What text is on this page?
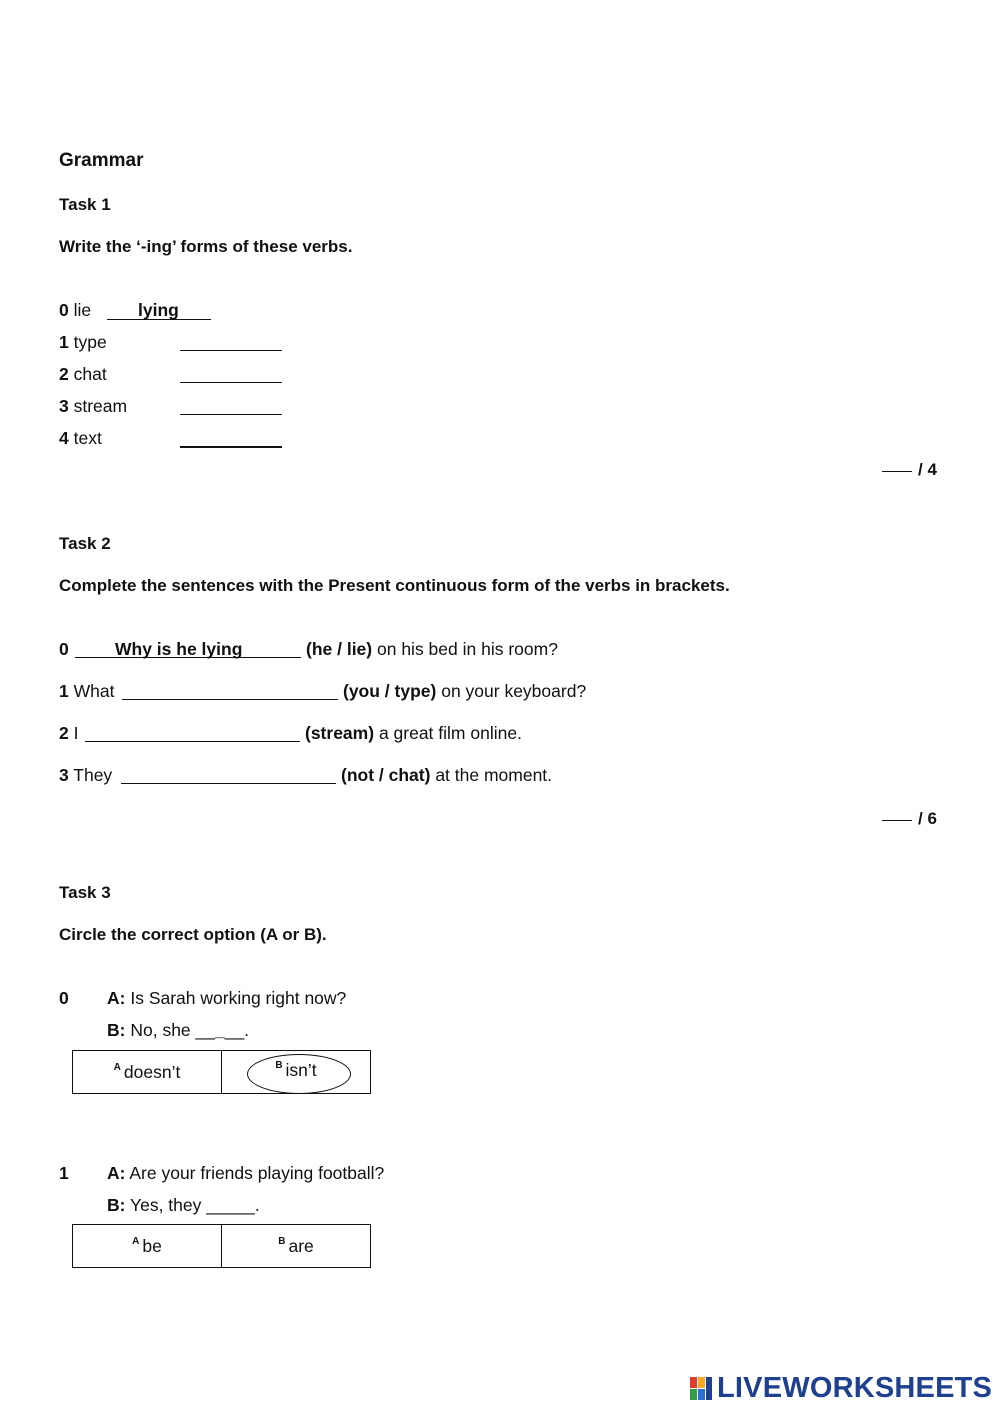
Grammar
Task 1
Write the ‘-ing’ forms of these verbs.
0 lie	lying
1 type
2 chat
3 stream
4 text
/ 4
Task 2
Complete the sentences with the Present continuous form of the verbs in brackets.
0	Why is he lying	(he / lie) on his bed in his room?
1 What	(you / type) on your keyboard?
2 I	(stream) a great film online.
3 They	(not / chat) at the moment.
/ 6
Task 3
Circle the correct option (A or B).
0 A: Is Sarah working right now?
B: No, she _____.
$^A$ doesn’t	$^B$ isn’t
1 A: Are your friends playing football?
B: Yes, they _____.
$^A$ be	$^B$ are
LIVEWORKSHEETS
